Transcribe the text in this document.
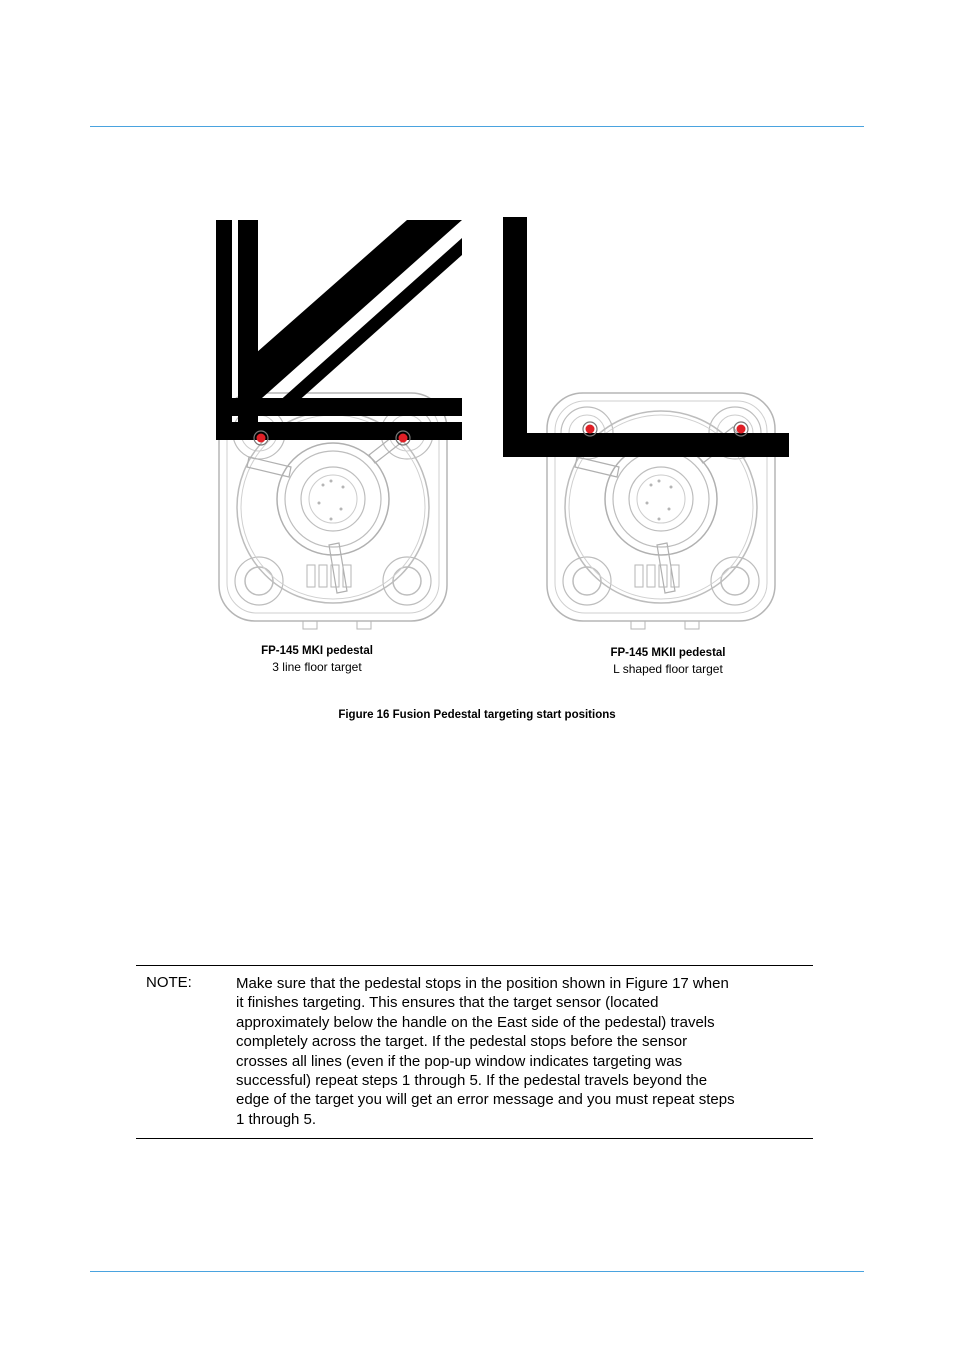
FP-145 MKI pedestal
3 line floor target
FP-145 MKII pedestal
L shaped floor target
Figure 16 Fusion Pedestal targeting start positions
NOTE:	Make sure that the pedestal stops in the position shown in Figure 17 when it finishes targeting. This ensures that the target sensor (located approximately below the handle on the East side of the pedestal) travels completely across the target. If the pedestal stops before the sensor crosses all lines (even if the pop-up window indicates targeting was successful) repeat steps 1 through 5. If the pedestal travels beyond the edge of the target you will get an error message and you must repeat steps 1 through 5.
